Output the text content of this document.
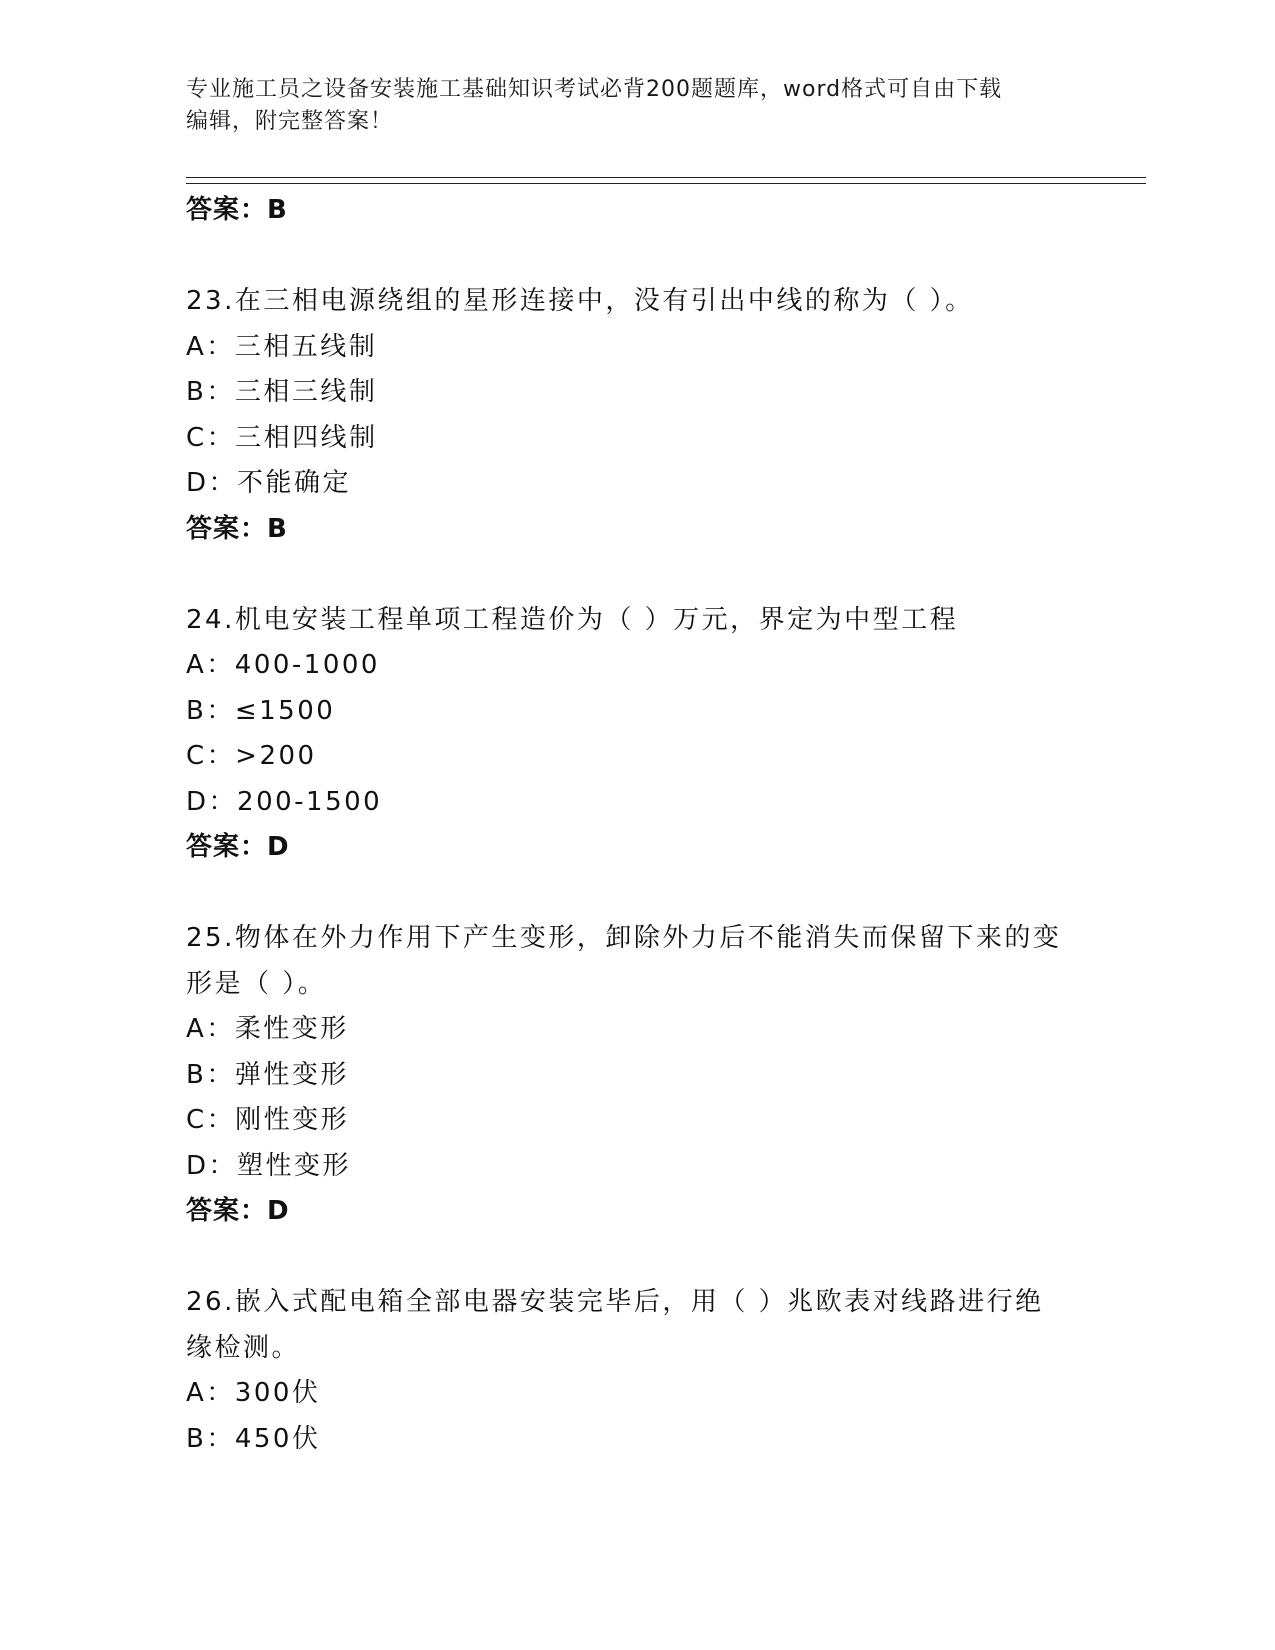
专业施工员之设备安装施工基础知识考试必背200题题库，word格式可自由下载
编辑，附完整答案！
答案：B
23.在三相电源绕组的星形连接中，没有引出中线的称为（ ）。
A：三相五线制
B：三相三线制
C：三相四线制
D：不能确定
答案：B
24.机电安装工程单项工程造价为（ ）万元，界定为中型工程
A：400-1000
B：≤1500
C：>200
D：200-1500
答案：D
25.物体在外力作用下产生变形，卸除外力后不能消失而保留下来的变
形是（ ）。
A：柔性变形
B：弹性变形
C：刚性变形
D：塑性变形
答案：D
26.嵌入式配电箱全部电器安装完毕后，用（ ）兆欧表对线路进行绝
缘检测。
A：300伏
B：450伏
